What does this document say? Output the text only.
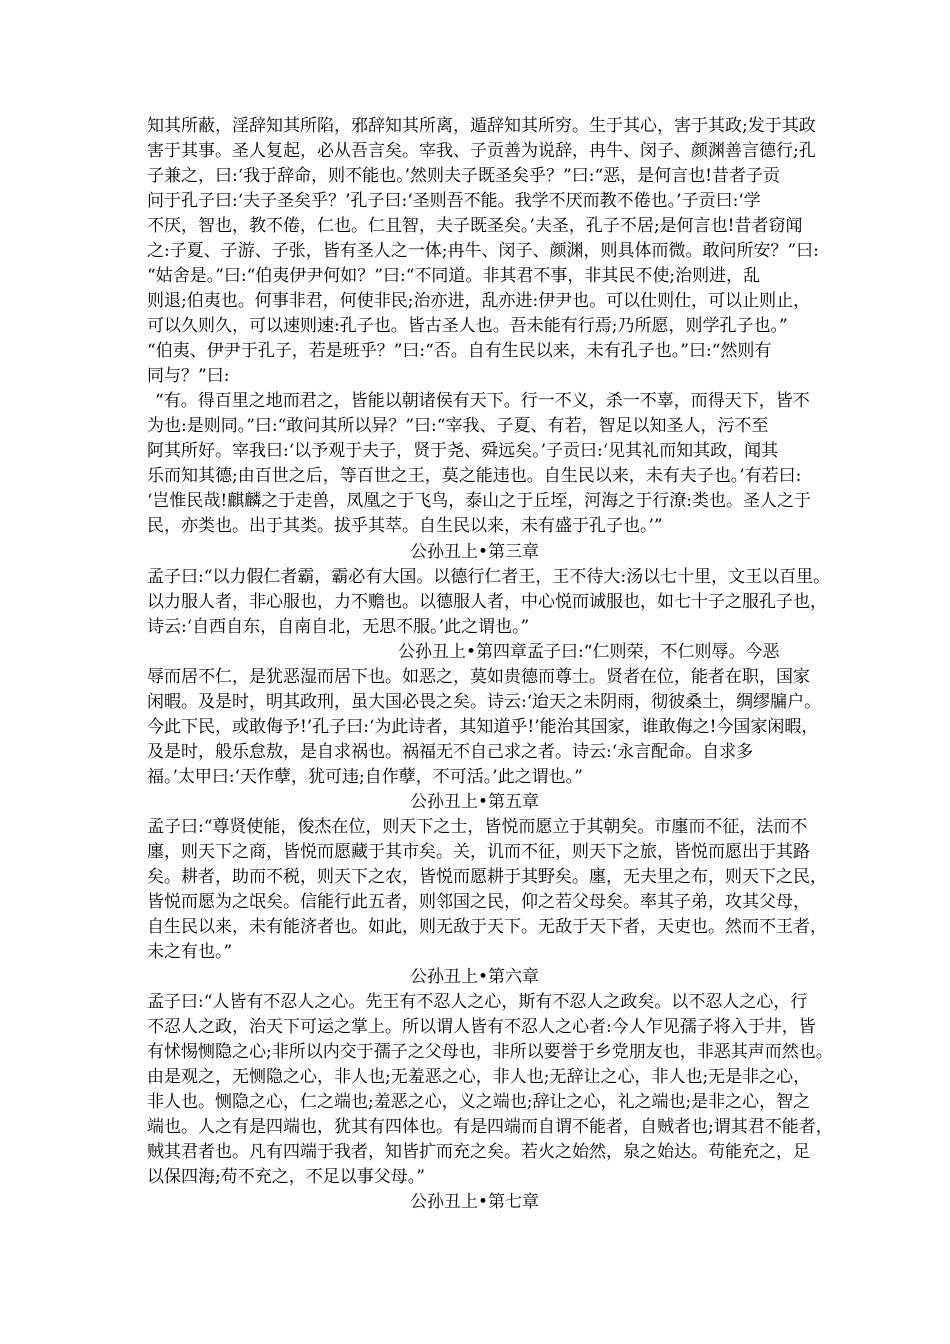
知其所蔽，淫辞知其所陷，邪辞知其所离，遁辞知其所穷。生于其心，害于其政;发于其政
害于其事。圣人复起，必从吾言矣。宰我、子贡善为说辞，冉牛、闵子、颜渊善言德行;孔
子兼之，曰:‘我于辞命，则不能也。’然则夫子既圣矣乎？”曰:“恶，是何言也!昔者子贡
问于孔子曰:‘夫子圣矣乎？’孔子曰:‘圣则吾不能。我学不厌而教不倦也。’子贡曰:‘学
不厌，智也，教不倦，仁也。仁且智，夫子既圣矣。’夫圣，孔子不居;是何言也!昔者窃闻
之:子夏、子游、子张，皆有圣人之一体;冉牛、闵子、颜渊，则具体而微。敢问所安？”曰:
“姑舍是。”曰:“伯夷伊尹何如？”曰:“不同道。非其君不事，非其民不使;治则进，乱
则退;伯夷也。何事非君，何使非民;治亦进，乱亦进:伊尹也。可以仕则仕，可以止则止，
可以久则久，可以速则速:孔子也。皆古圣人也。吾未能有行焉;乃所愿，则学孔子也。”
“伯夷、伊尹于孔子，若是班乎？”曰:“否。自有生民以来，未有孔子也。”曰:“然则有
同与？”曰:
“有。得百里之地而君之，皆能以朝诸侯有天下。行一不义，杀一不辜，而得天下，皆不
为也:是则同。”曰:“敢问其所以异？”曰:“宰我、子夏、有若，智足以知圣人，污不至
阿其所好。宰我曰:‘以予观于夫子，贤于尧、舜远矣。’子贡曰:‘见其礼而知其政，闻其
乐而知其德;由百世之后，等百世之王，莫之能违也。自生民以来，未有夫子也。’有若曰:
‘岂惟民哉!麒麟之于走兽，凤凰之于飞鸟，泰山之于丘垤，河海之于行潦:类也。圣人之于
民，亦类也。出于其类。拔乎其萃。自生民以来，未有盛于孔子也。’”
公孙丑上•第三章
孟子曰:“以力假仁者霸，霸必有大国。以德行仁者王，王不待大:汤以七十里，文王以百里。
以力服人者，非心服也，力不赡也。以德服人者，中心悦而诚服也，如七十子之服孔子也，
诗云:‘自西自东，自南自北，无思不服。’此之谓也。”
公孙丑上•第四章孟子曰:“仁则荣，不仁则辱。今恶
辱而居不仁，是犹恶湿而居下也。如恶之，莫如贵德而尊士。贤者在位，能者在职，国家
闲暇。及是时，明其政刑，虽大国必畏之矣。诗云:‘迨天之未阴雨，彻彼桑土，绸缪牖户。
今此下民，或敢侮予!’孔子曰:‘为此诗者，其知道乎!’能治其国家，谁敢侮之!今国家闲暇，
及是时，般乐怠敖，是自求祸也。祸福无不自己求之者。诗云:‘永言配命。自求多
福。’太甲曰:‘天作孽，犹可违;自作孽，不可活。’此之谓也。”
公孙丑上•第五章
孟子曰:“尊贤使能，俊杰在位，则天下之士，皆悦而愿立于其朝矣。市廛而不征，法而不
廛，则天下之商，皆悦而愿藏于其市矣。关，讥而不征，则天下之旅，皆悦而愿出于其路
矣。耕者，助而不税，则天下之农，皆悦而愿耕于其野矣。廛，无夫里之布，则天下之民，
皆悦而愿为之氓矣。信能行此五者，则邻国之民，仰之若父母矣。率其子弟，攻其父母，
自生民以来，未有能济者也。如此，则无敌于天下。无敌于天下者，天吏也。然而不王者，
未之有也。”
公孙丑上•第六章
孟子曰:“人皆有不忍人之心。先王有不忍人之心，斯有不忍人之政矣。以不忍人之心，行
不忍人之政，治天下可运之掌上。所以谓人皆有不忍人之心者:今人乍见孺子将入于井，皆
有怵惕恻隐之心;非所以内交于孺子之父母也，非所以要誉于乡党朋友也，非恶其声而然也。
由是观之，无恻隐之心，非人也;无羞恶之心，非人也;无辞让之心，非人也;无是非之心，
非人也。恻隐之心，仁之端也;羞恶之心，义之端也;辞让之心，礼之端也;是非之心，智之
端也。人之有是四端也，犹其有四体也。有是四端而自谓不能者，自贼者也;谓其君不能者，
贼其君者也。凡有四端于我者，知皆扩而充之矣。若火之始然，泉之始达。苟能充之，足
以保四海;苟不充之，不足以事父母。”
公孙丑上•第七章
